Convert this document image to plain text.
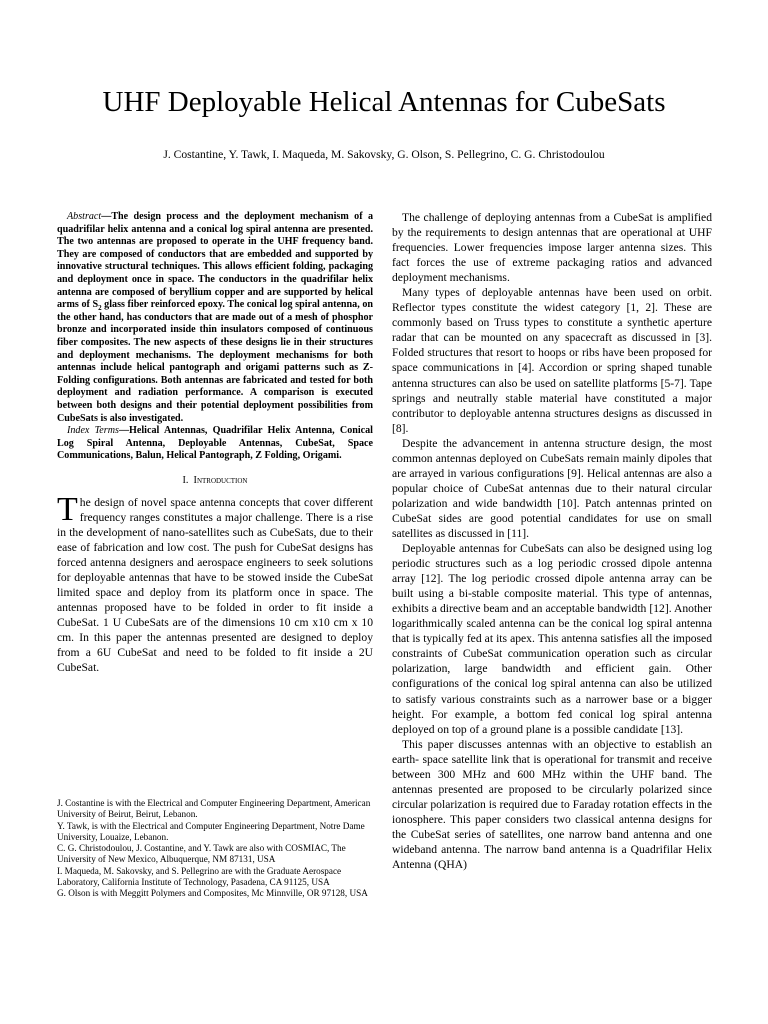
UHF Deployable Helical Antennas for CubeSats
J. Costantine, Y. Tawk, I. Maqueda, M. Sakovsky, G. Olson, S. Pellegrino, C. G. Christodoulou

Abstract—The design process and the deployment mechanism of a quadrifilar helix antenna and a conical log spiral antenna are presented. The two antennas are proposed to operate in the UHF frequency band. They are composed of conductors that are embedded and supported by innovative structural techniques. This allows efficient folding, packaging and deployment once in space. The conductors in the quadrifilar helix antenna are composed of beryllium copper and are supported by helical arms of $S_2$ glass fiber reinforced epoxy. The conical log spiral antenna, on the other hand, has conductors that are made out of a mesh of phosphor bronze and incorporated inside thin insulators composed of continuous fiber composites. The new aspects of these designs lie in their structures and deployment mechanisms. The deployment mechanisms for both antennas include helical pantograph and origami patterns such as Z-Folding configurations. Both antennas are fabricated and tested for both deployment and radiation performance. A comparison is executed between both designs and their potential deployment possibilities from CubeSats is also investigated.

Index Terms—Helical Antennas, Quadrifilar Helix Antenna, Conical Log Spiral Antenna, Deployable Antennas, CubeSat, Space Communications, Balun, Helical Pantograph, Z Folding, Origami.

I. Introduction

The design of novel space antenna concepts that cover different frequency ranges constitutes a major challenge. There is a rise in the development of nano-satellites such as CubeSats, due to their ease of fabrication and low cost. The push for CubeSat designs has forced antenna designers and aerospace engineers to seek solutions for deployable antennas that have to be stowed inside the CubeSat limited space and deploy from its platform once in space. The antennas proposed have to be folded in order to fit inside a CubeSat. 1 U CubeSats are of the dimensions 10 cm x10 cm x 10 cm. In this paper the antennas presented are designed to deploy from a 6U CubeSat and need to be folded to fit inside a 2U CubeSat.

J. Costantine is with the Electrical and Computer Engineering Department, American University of Beirut, Beirut, Lebanon.

Y. Tawk, is with the Electrical and Computer Engineering Department, Notre Dame University, Louaize, Lebanon.

C. G. Christodoulou, J. Costantine, and Y. Tawk are also with COSMIAC, The University of New Mexico, Albuquerque, NM 87131, USA

I. Maqueda, M. Sakovsky, and S. Pellegrino are with the Graduate Aerospace Laboratory, California Institute of Technology, Pasadena, CA 91125, USA

G. Olson is with Meggitt Polymers and Composites, Mc Minnville, OR 97128, USA

The challenge of deploying antennas from a CubeSat is amplified by the requirements to design antennas that are operational at UHF frequencies. Lower frequencies impose larger antenna sizes. This fact forces the use of extreme packaging ratios and advanced deployment mechanisms.

Many types of deployable antennas have been used on orbit. Reflector types constitute the widest category [1, 2]. These are commonly based on Truss types to constitute a synthetic aperture radar that can be mounted on any spacecraft as discussed in [3]. Folded structures that resort to hoops or ribs have been proposed for space communications in [4]. Accordion or spring shaped tunable antenna structures can also be used on satellite platforms [5-7]. Tape springs and neutrally stable material have constituted a major contributor to deployable antenna structures designs as discussed in [8].

Despite the advancement in antenna structure design, the most common antennas deployed on CubeSats remain mainly dipoles that are arrayed in various configurations [9]. Helical antennas are also a popular choice of CubeSat antennas due to their natural circular polarization and wide bandwidth [10]. Patch antennas printed on CubeSat sides are good potential candidates for use on small satellites as discussed in [11].

Deployable antennas for CubeSats can also be designed using log periodic structures such as a log periodic crossed dipole antenna array [12]. The log periodic crossed dipole antenna array can be built using a bi-stable composite material. This type of antennas, exhibits a directive beam and an acceptable bandwidth [12]. Another logarithmically scaled antenna can be the conical log spiral antenna that is typically fed at its apex. This antenna satisfies all the imposed constraints of CubeSat communication operation such as circular polarization, large bandwidth and efficient gain. Other configurations of the conical log spiral antenna can also be utilized to satisfy various constraints such as a narrower base or a bigger height. For example, a bottom fed conical log spiral antenna deployed on top of a ground plane is a possible candidate [13].

This paper discusses antennas with an objective to establish an earth- space satellite link that is operational for transmit and receive between 300 MHz and 600 MHz within the UHF band. The antennas presented are proposed to be circularly polarized since circular polarization is required due to Faraday rotation effects in the ionosphere. This paper considers two classical antenna designs for the CubeSat series of satellites, one narrow band antenna and one wideband antenna. The narrow band antenna is a Quadrifilar Helix Antenna (QHA)
